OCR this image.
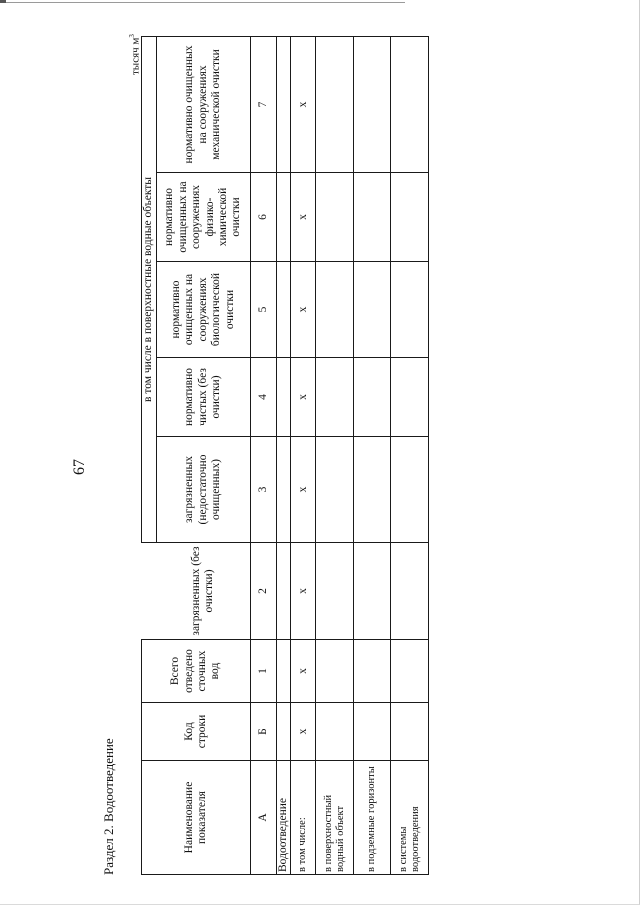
67
Раздел 2. Водоотведение
тысяч $м^3$
Наименование показателя	Код строки	Всего отведено сточных вод		в том числе в поверхностные водные объекты				
			загрязненных (без очистки)	загрязненных (недостаточно очищенных)	нормативно чистых (без очистки)	нормативно очищенных на сооружениях биологической очистки	нормативно очищенных на сооружениях физико-химической очистки	нормативно очищенных на сооружениях механической очистки
А	Б	1	2	3	4	5	6	7
Водоотведение								
в том числе:	х	х	х	х	х	х	х	х
в поверхностный водный объект								
в подземные горизонты								
в системы водоотведения								
